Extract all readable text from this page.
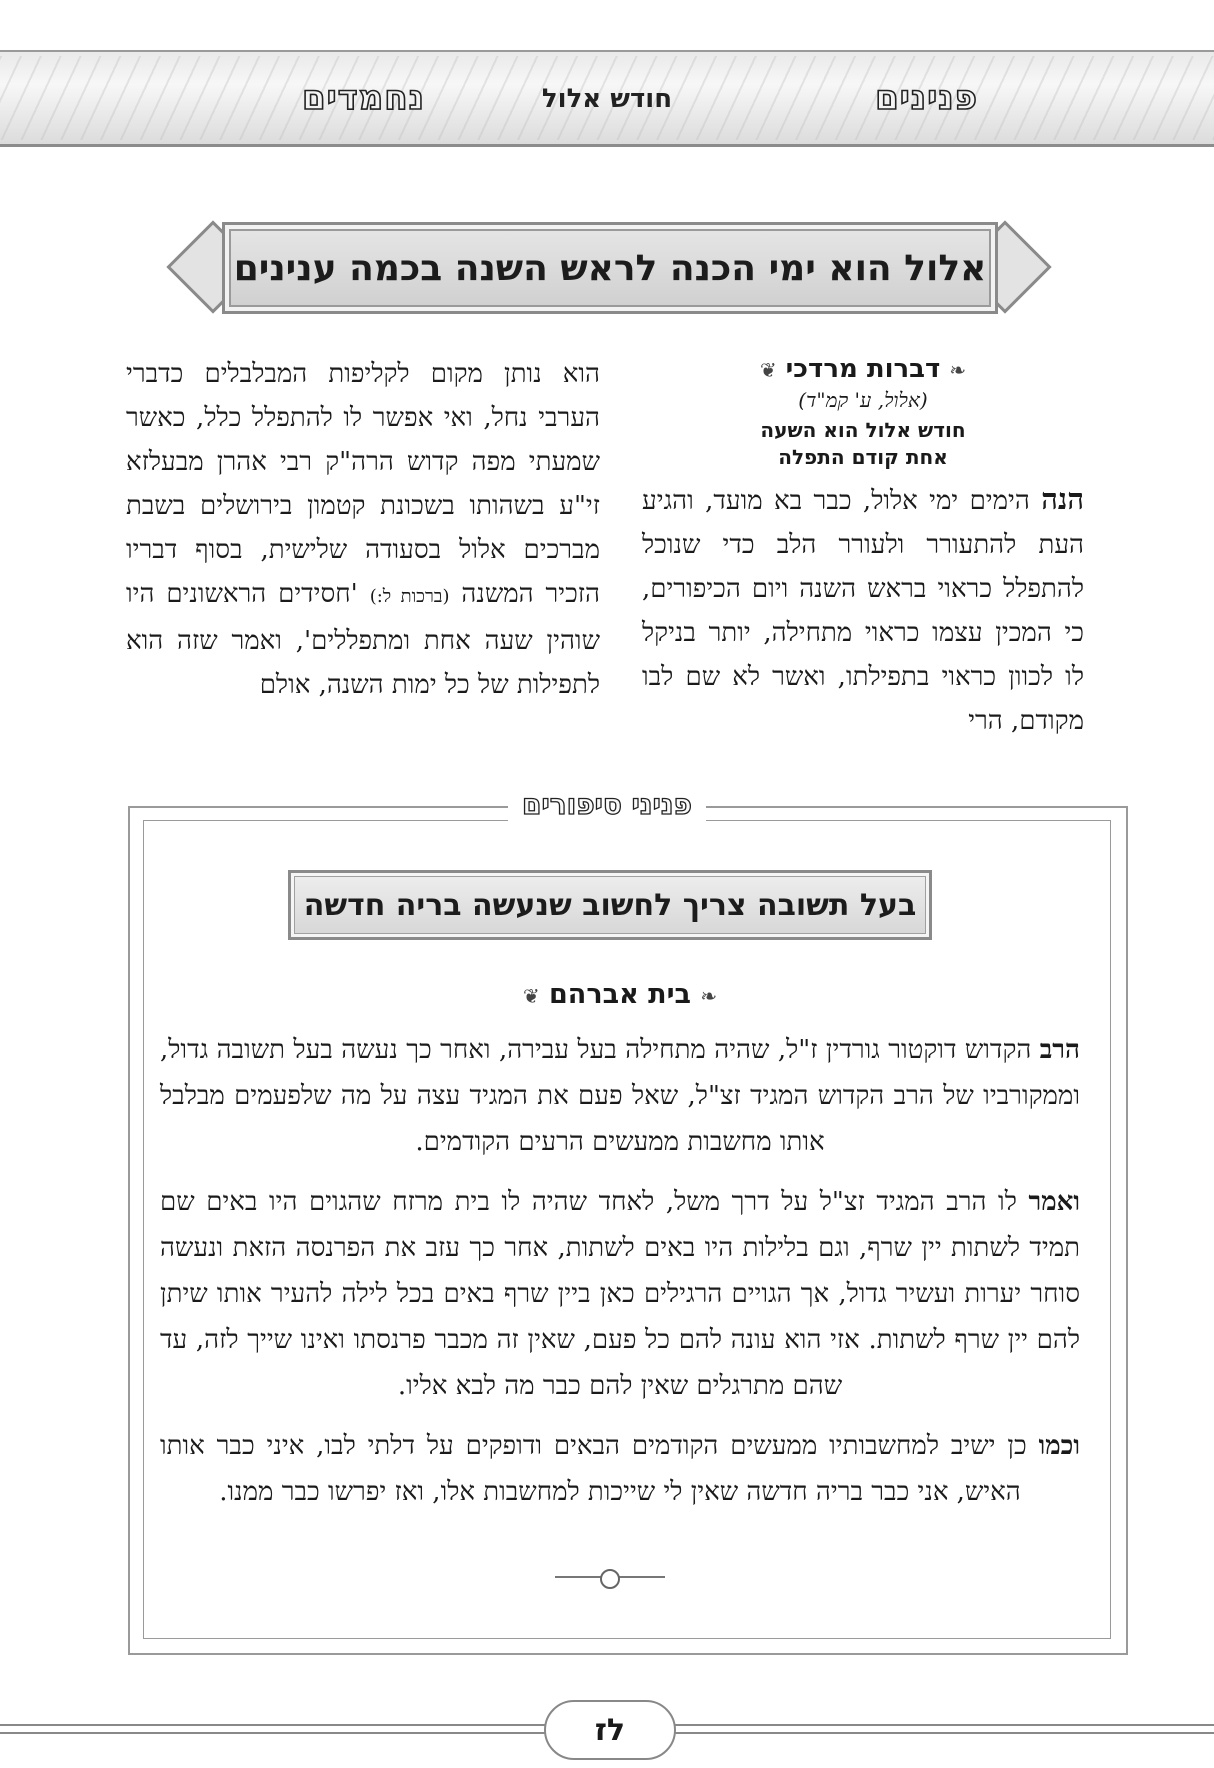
פנינים
חודש אלול
נחמדים
אלול הוא ימי הכנה לראש השנה בכמה ענינים
❧ דברות מרדכי ❦
(אלול, ע' קמ"ד)
חודש אלול הוא השעה
אחת קודם התפלה

הנה הימים ימי אלול, כבר בא מועד, והגיע העת להתעורר ולעורר הלב כדי שנוכל להתפלל כראוי בראש השנה ויום הכיפורים, כי המכין עצמו כראוי מתחילה, יותר בניקל לו לכוון כראוי בתפילתו, ואשר לא שם לבו מקודם, הרי

הוא נותן מקום לקליפות המבלבלים כדברי הערבי נחל, ואי אפשר לו להתפלל כלל, כאשר שמעתי מפה קדוש הרה"ק רבי אהרן מבעלזא זי"ע בשהותו בשכונת קטמון בירושלים בשבת מברכים אלול בסעודה שלישית, בסוף דבריו הזכיר המשנה (ברכות ל:) 'חסידים הראשונים היו שוהין שעה אחת ומתפללים', ואמר שזה הוא לתפילות של כל ימות השנה, אולם

פניני סיפורים
בעל תשובה צריך לחשוב שנעשה בריה חדשה
❧ בית אברהם ❦

הרב הקדוש דוקטור גורדין ז"ל, שהיה מתחילה בעל עבירה, ואחר כך נעשה בעל תשובה גדול, וממקורביו של הרב הקדוש המגיד זצ"ל, שאל פעם את המגיד עצה על מה שלפעמים מבלבל אותו מחשבות ממעשים הרעים הקודמים.

ואמר לו הרב המגיד זצ"ל על דרך משל, לאחד שהיה לו בית מרזח שהגוים היו באים שם תמיד לשתות יין שרף, וגם בלילות היו באים לשתות, אחר כך עזב את הפרנסה הזאת ונעשה סוחר יערות ועשיר גדול, אך הגויים הרגילים כאן ביין שרף באים בכל לילה להעיר אותו שיתן להם יין שרף לשתות. אזי הוא עונה להם כל פעם, שאין זה מכבר פרנסתו ואינו שייך לזה, עד שהם מתרגלים שאין להם כבר מה לבא אליו.

וכמו כן ישיב למחשבותיו ממעשים הקודמים הבאים ודופקים על דלתי לבו, איני כבר אותו האיש, אני כבר בריה חדשה שאין לי שייכות למחשבות אלו, ואז יפרשו כבר ממנו.

לז
